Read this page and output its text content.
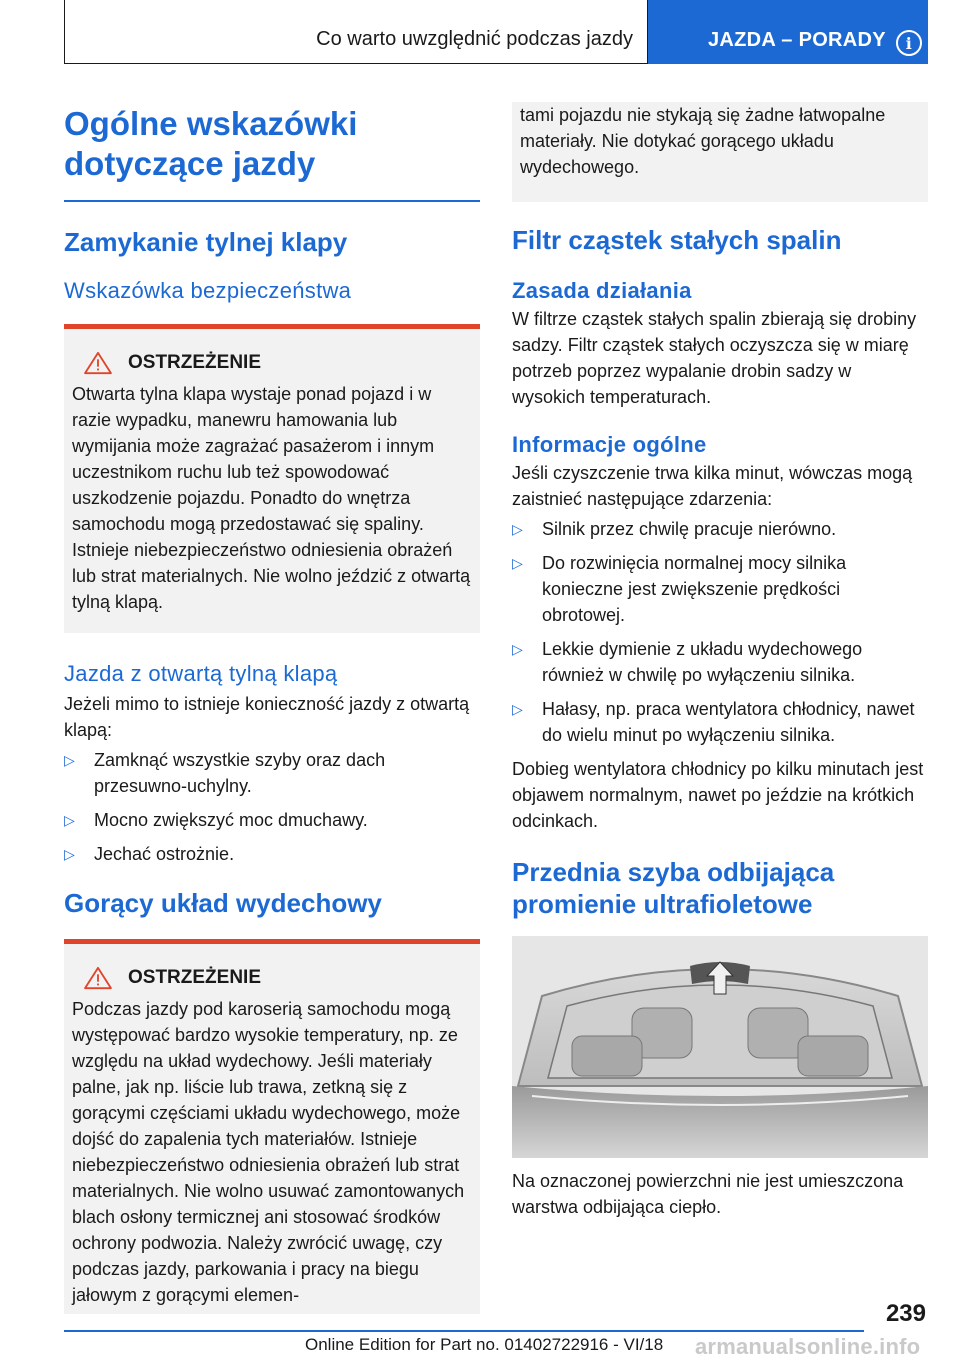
Co warto uwzględnić podczas jazdy	JAZDA – PORADY	i
Ogólne wskazówki dotyczące jazdy
Zamykanie tylnej klapy
Wskazówka bezpieczeństwa
OSTRZEŻENIE

Otwarta tylna klapa wystaje ponad pojazd i w razie wypadku, manewru hamowania lub wymijania może zagrażać pasażerom i innym uczestnikom ruchu lub też spowodować uszkodzenie pojazdu. Ponadto do wnętrza samochodu mogą przedostawać się spaliny. Istnieje niebezpieczeństwo odniesienia obrażeń lub strat materialnych. Nie wolno jeździć z otwartą tylną klapą.

Jazda z otwartą tylną klapą

Jeżeli mimo to istnieje konieczność jazdy z otwartą klapą:

▷ Zamknąć wszystkie szyby oraz dach przesuwno-uchylny.
▷ Mocno zwiększyć moc dmuchawy.
▷ Jechać ostrożnie.
Gorący układ wydechowy
OSTRZEŻENIE

Podczas jazdy pod karoserią samochodu mogą występować bardzo wysokie temperatury, np. ze względu na układ wydechowy. Jeśli materiały palne, jak np. liście lub trawa, zetkną się z gorącymi częściami układu wydechowego, może dojść do zapalenia tych materiałów. Istnieje niebezpieczeństwo odniesienia obrażeń lub strat materialnych. Nie wolno usuwać zamontowanych blach osłony termicznej ani stosować środków ochrony podwozia. Należy zwrócić uwagę, czy podczas jazdy, parkowania i pracy na biegu jałowym z gorącymi elemen-

tami pojazdu nie stykają się żadne łatwopalne materiały. Nie dotykać gorącego układu wydechowego.

Filtr cząstek stałych spalin
Zasada działania

W filtrze cząstek stałych spalin zbierają się drobiny sadzy. Filtr cząstek stałych oczyszcza się w miarę potrzeb poprzez wypalanie drobin sadzy w wysokich temperaturach.

Informacje ogólne

Jeśli czyszczenie trwa kilka minut, wówczas mogą zaistnieć następujące zdarzenia:

▷ Silnik przez chwilę pracuje nierówno.
▷ Do rozwinięcia normalnej mocy silnika konieczne jest zwiększenie prędkości obrotowej.
▷ Lekkie dymienie z układu wydechowego również w chwilę po wyłączeniu silnika.
▷ Hałasy, np. praca wentylatora chłodnicy, nawet do wielu minut po wyłączeniu silnika.

Dobieg wentylatora chłodnicy po kilku minutach jest objawem normalnym, nawet po jeździe na krótkich odcinkach.

Przednia szyba odbijająca promienie ultrafioletowe

Na oznaczonej powierzchni nie jest umieszczona warstwa odbijająca ciepło.

239
Online Edition for Part no. 01402722916 - VI/18 armanualsonline.info
